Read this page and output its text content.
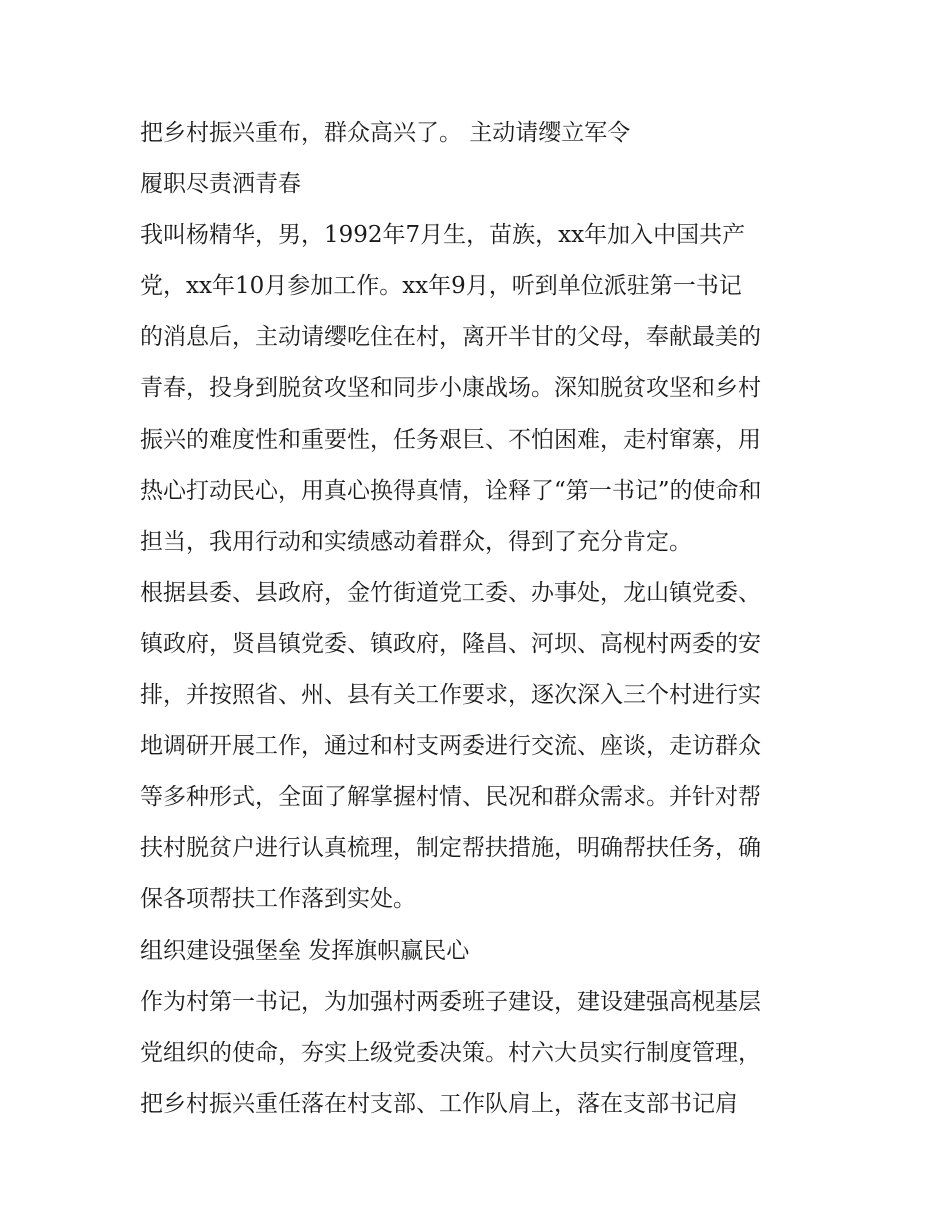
把乡村振兴重布，群众高兴了。 主动请缨立军令
履职尽责洒青春
我叫杨精华，男，1992年7月生，苗族，xx年加入中国共产
党，xx年10月参加工作。xx年9月，听到单位派驻第一书记
的消息后，主动请缨吃住在村，离开半甘的父母，奉献最美的
青春，投身到脱贫攻坚和同步小康战场。深知脱贫攻坚和乡村
振兴的难度性和重要性，任务艰巨、不怕困难，走村窜寨，用
热心打动民心，用真心换得真情，诠释了“第一书记”的使命和
担当，我用行动和实绩感动着群众，得到了充分肯定。
根据县委、县政府，金竹街道党工委、办事处，龙山镇党委、
镇政府，贤昌镇党委、镇政府，隆昌、河坝、高枧村两委的安
排，并按照省、州、县有关工作要求，逐次深入三个村进行实
地调研开展工作，通过和村支两委进行交流、座谈，走访群众
等多种形式，全面了解掌握村情、民况和群众需求。并针对帮
扶村脱贫户进行认真梳理，制定帮扶措施，明确帮扶任务，确
保各项帮扶工作落到实处。
组织建设强堡垒 发挥旗帜赢民心
作为村第一书记，为加强村两委班子建设，建设建强高枧基层
党组织的使命，夯实上级党委决策。村六大员实行制度管理，
把乡村振兴重任落在村支部、工作队肩上，落在支部书记肩
